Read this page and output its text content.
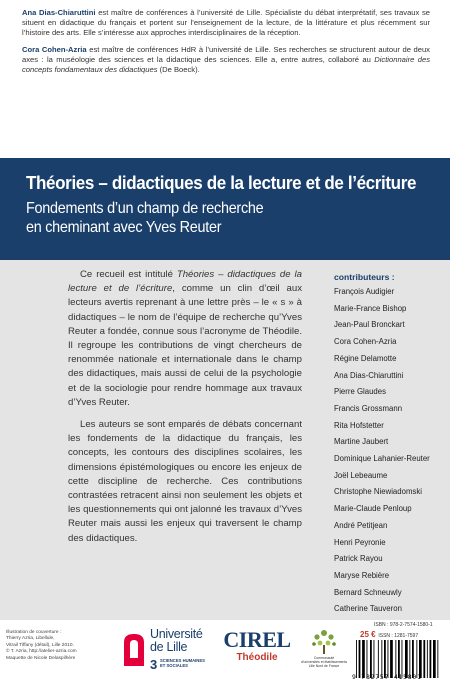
Ana Dias-Chiaruttini est maître de conférences à l’université de Lille. Spécialiste du débat interprétatif, ses travaux se situent en didactique du français et portent sur l’enseignement de la lecture, de la littérature et plus récemment sur l’histoire des arts. Elle s’intéresse aux approches interdisciplinaires de la réception.

Cora Cohen-Azria est maître de conférences HdR à l’université de Lille. Ses recherches se structurent autour de deux axes : la muséologie des sciences et la didactique des sciences. Elle a, entre autres, collaboré au Dictionnaire des concepts fondamentaux des didactiques (De Boeck).

Théories – didactiques de la lecture et de l’écriture
Fondements d’un champ de recherche
en cheminant avec Yves Reuter

Ce recueil est intitulé Théories – didactiques de la lecture et de l’écriture, comme un clin d’œil aux lecteurs avertis reprenant à une lettre près – le « s » à didactiques – le nom de l’équipe de recherche qu’Yves Reuter a fondée, connue sous l’acronyme de Théodile. Il regroupe les contributions de vingt chercheurs de renommée nationale et internationale dans le champ des didactiques, mais aussi de celui de la psychologie et de la sociologie pour rendre hommage aux travaux d’Yves Reuter.

Les auteurs se sont emparés de débats concernant les fondements de la didactique du français, les concepts, les contours des disciplines scolaires, les dimensions épistémologiques ou encore les enjeux de cette discipline de recherche. Ces contributions contrastées retracent ainsi non seulement les objets et les questionnements qui ont jalonné les travaux d’Yves Reuter mais aussi les enjeux qui traversent le champ des didactiques.

contributeurs :
François Audigier
Marie-France Bishop
Jean-Paul Bronckart
Cora Cohen-Azria
Régine Delamotte
Ana Dias-Chiaruttini
Pierre Glaudes
Francis Grossmann
Rita Hofstetter
Martine Jaubert
Dominique Lahanier-Reuter
Joël Lebeaume
Christophe Niewiadomski
Marie-Claude Penloup
André Petitjean
Henri Peyronie
Patrick Rayou
Maryse Rebière
Bernard Schneuwly
Catherine Tauveron
Illustration de couverture :
Thierry Azria, Libellule,
Vitrail Tiffany (détail), Lille 2010.
© T. Azria, http://atelier-azria.com
Maquette de Nicole Delaspilhère
Université
de Lille
3 SCIENCES HUMAINES
ET SOCIALES
CIREL
Théodile	Communauté
d’universités et établissements
Lille Nord de France
ISBN : 978-2-7574-1580-1
25 € ISSN : 1281-7597
9 782757 415801
